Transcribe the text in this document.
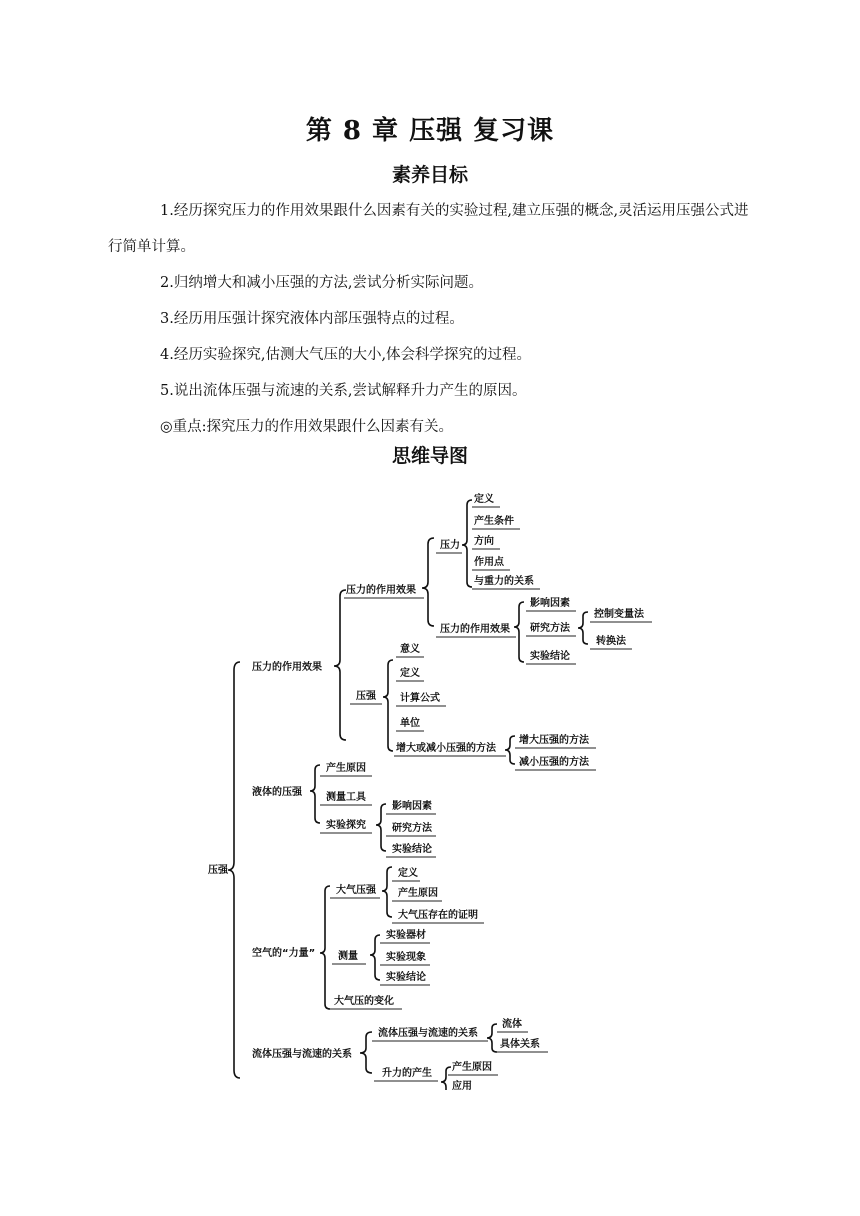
第 8 章 压强 复习课
素养目标

1.经历探究压力的作用效果跟什么因素有关的实验过程,建立压强的概念,灵活运用压强公式进行简单计算。

2.归纳增大和减小压强的方法,尝试分析实际问题。

3.经历用压强计探究液体内部压强特点的过程。

4.经历实验探究,估测大气压的大小,体会科学探究的过程。

5.说出流体压强与流速的关系,尝试解释升力产生的原因。

◎重点:探究压力的作用效果跟什么因素有关。

思维导图
压强
压力的作用效果
液体的压强
空气的“力量”
流体压强与流速的关系
压力的作用效果
压强
压力
压力的作用效果
定义
产生条件
方向
作用点
与重力的关系
影响因素
研究方法
实验结论
控制变量法
转换法
意义
定义
计算公式
单位
增大或减小压强的方法
增大压强的方法
减小压强的方法
产生原因
测量工具
实验探究
影响因素
研究方法
实验结论
大气压强
测量
大气压的变化
定义
产生原因
大气压存在的证明
实验器材
实验现象
实验结论
流体压强与流速的关系
升力的产生
流体
具体关系
产生原因
应用
